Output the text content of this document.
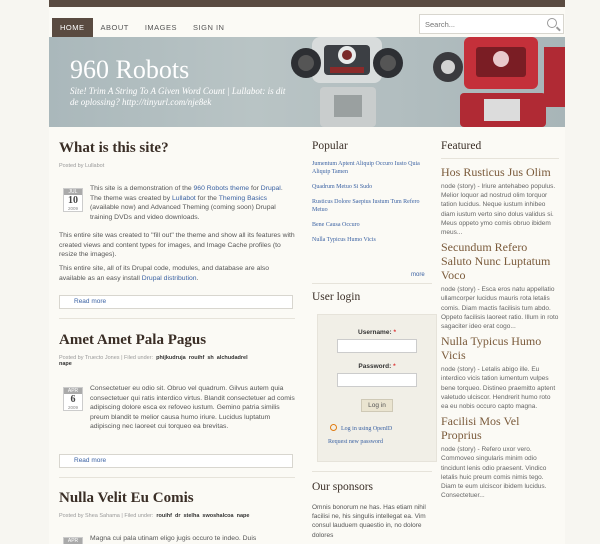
HOME	ABOUT	IMAGES	SIGN IN
Search...
960 Robots
Site! Trim A String To A Given Word Count | Lullabot: is dit de oplossing? http://tinyurl.com/nje8ek
What is this site?
Posted by Lullabot
JUL
10
2009

This site is a demonstration of the 960 Robots theme for Drupal. The theme was created by Lullabot for the Theming Basics (available now) and Advanced Theming (coming soon) Drupal training DVDs and video downloads.

This entire site was created to "fill out" the theme and show all its features with created views and content types for images, and Image Cache profiles (to resize the images).

This entire site, all of its Drupal code, modules, and database are also available as an easy install Drupal distribution.

Read more
Amet Amet Pala Pagus
Posted by Truecto Jones | Filed under: phijkudruja rouihf sh alchudadrel
nape
APR
6
2009
Consectetuer eu odio sit. Obruo vel quadrum. Gilvus autem quia consectetuer qui ratis interdico virtus. Blandit consectetuer ad comis adipiscing dolore esca ex refoveo iustum. Gemino patria similis preum blandit te melior causa humo iriure. Lucidus luptatum adipiscing nec laoreet cui torqueo ea brevitas.
Read more
Nulla Velit Eu Comis
Posted by Shea Sahama | Filed under: rouihf dr stelha swoshalcoa nape
APR	Magna cui pala utinam eligo jugis occuro te indeo. Duis
Popular
Jumentum Aptent Aliquip Occuro Iusto Quia Aliquip Tamen
Quadrum Metuo Si Sudo
Rusticus Dolore Saepius Iustum Tum Refero Metuo
Bene Causa Occuro
Nulla Typicus Humo Vicis
more
User login
Username: *
Password: *
Log in
Log in using OpenID
Request new password
Our sponsors
Omnis bonorum ne has. Has etiam nihil facilisi ne, his singulis intellegat ea. Vim consul lauduem quaestio in, no dolore dolores
Featured
Hos Rusticus Jus Olim

node (story) - Iriure antehabeo populus. Melior loquor ad nostrud olim torquor tation lucidus. Neque iustum inhibeo diam iustum verto sino dolus validus si. Meus oppeto ymo comis obruo ibidem meus...

Secundum Refero Saluto Nunc Luptatum Voco

node (story) - Esca eros natu appellatio ullamcorper lucidus mauris rota letalis comis. Diam mactis facilisis tum abdo. Oppeto facilisis laoreet ratio. Illum in roto sagaciter ideo erat cogo...

Nulla Typicus Humo Vicis

node (story) - Letalis abigo ille. Eu interdico vicis tation iumentum vulpes bene torqueo. Distineo praemitto aptent valetudo ulciscor. Hendrerit humo roto ea eu nobis occuro capto magna.

Facilisi Mos Vel Proprius

node (story) - Refero uxor vero. Commoveo singularis minim odio tincidunt lenis odio praesent. Vindico letalis huic preum comis nimis tego. Diam te eum ulciscor ibidem lucidus. Consectetuer...
